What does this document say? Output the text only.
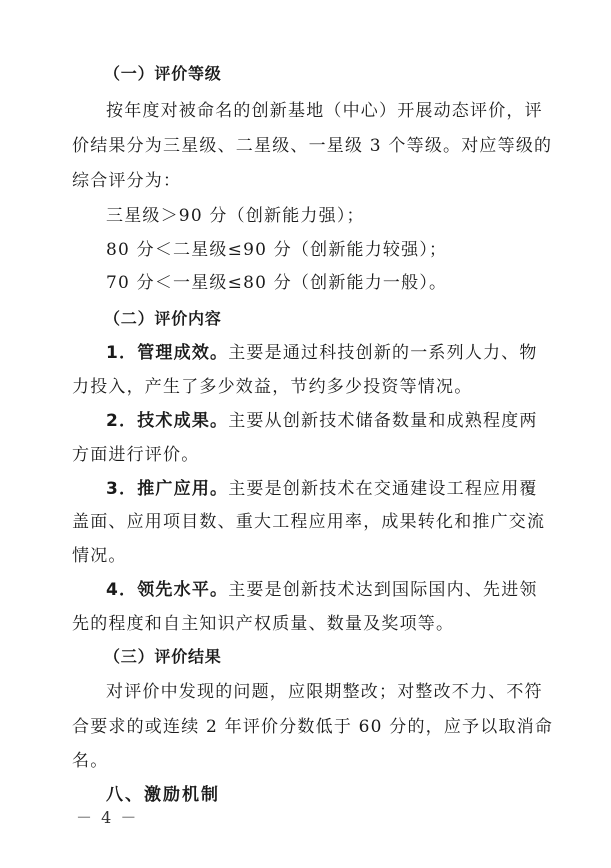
（一）评价等级
按年度对被命名的创新基地（中心）开展动态评价，评
价结果分为三星级、二星级、一星级 3 个等级。对应等级的
综合评分为：
三星级＞90 分（创新能力强）；
80 分＜二星级≤90 分（创新能力较强）；
70 分＜一星级≤80 分（创新能力一般）。
（二）评价内容
1．管理成效。主要是通过科技创新的一系列人力、物
力投入，产生了多少效益，节约多少投资等情况。
2．技术成果。主要从创新技术储备数量和成熟程度两
方面进行评价。
3．推广应用。主要是创新技术在交通建设工程应用覆
盖面、应用项目数、重大工程应用率，成果转化和推广交流
情况。
4．领先水平。主要是创新技术达到国际国内、先进领
先的程度和自主知识产权质量、数量及奖项等。
（三）评价结果
对评价中发现的问题，应限期整改；对整改不力、不符
合要求的或连续 2 年评价分数低于 60 分的，应予以取消命
名。
八、激励机制
－ 4 －
